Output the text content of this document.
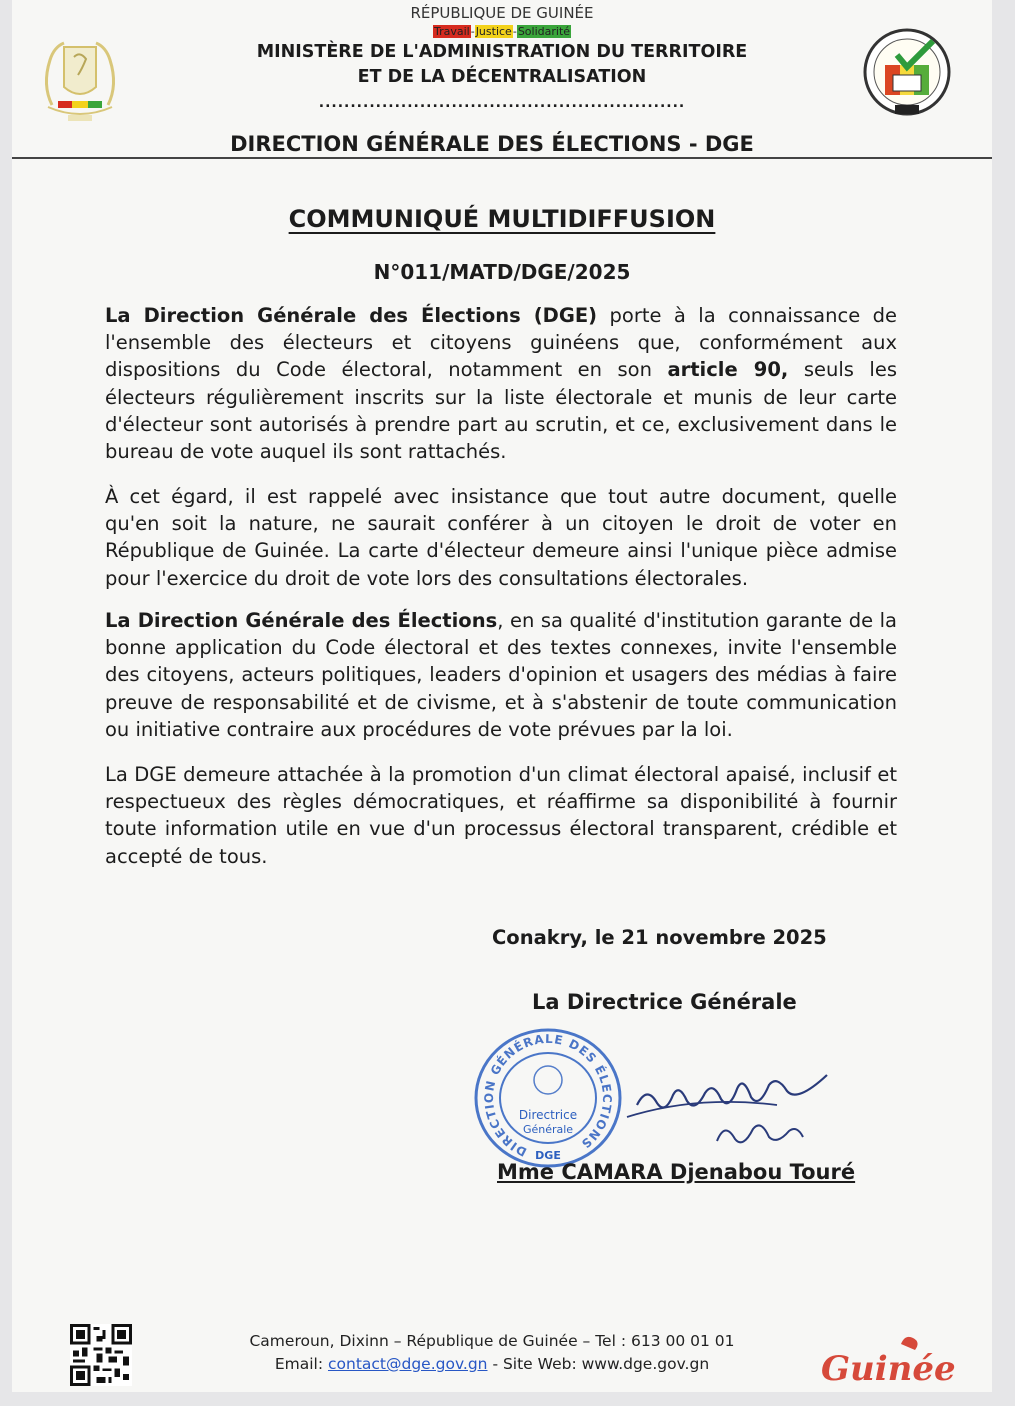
RÉPUBLIQUE DE GUINÉE
Travail-Justice-Solidarité
MINISTÈRE DE L'ADMINISTRATION DU TERRITOIRE
ET DE LA DÉCENTRALISATION
..........................................................
DIRECTION GÉNÉRALE DES ÉLECTIONS - DGE
COMMUNIQUÉ MULTIDIFFUSION
N°011/MATD/DGE/2025
La Direction Générale des Élections (DGE) porte à la connaissance de l'ensemble des électeurs et citoyens guinéens que, conformément aux dispositions du Code électoral, notamment en son article 90, seuls les électeurs régulièrement inscrits sur la liste électorale et munis de leur carte d'électeur sont autorisés à prendre part au scrutin, et ce, exclusivement dans le bureau de vote auquel ils sont rattachés.
À cet égard, il est rappelé avec insistance que tout autre document, quelle qu'en soit la nature, ne saurait conférer à un citoyen le droit de voter en République de Guinée. La carte d'électeur demeure ainsi l'unique pièce admise pour l'exercice du droit de vote lors des consultations électorales.
La Direction Générale des Élections, en sa qualité d'institution garante de la bonne application du Code électoral et des textes connexes, invite l'ensemble des citoyens, acteurs politiques, leaders d'opinion et usagers des médias à faire preuve de responsabilité et de civisme, et à s'abstenir de toute communication ou initiative contraire aux procédures de vote prévues par la loi.
La DGE demeure attachée à la promotion d'un climat électoral apaisé, inclusif et respectueux des règles démocratiques, et réaffirme sa disponibilité à fournir toute information utile en vue d'un processus électoral transparent, crédible et accepté de tous.
Conakry, le 21 novembre 2025
La Directrice Générale
DIRECTION GÉNÉRALE DES ÉLECTIONS
Directrice
Générale
DGE
Mme CAMARA Djenabou Touré
Cameroun, Dixinn – République de Guinée – Tel : 613 00 01 01
Email: contact@dge.gov.gn - Site Web: www.dge.gov.gn	Guinée
